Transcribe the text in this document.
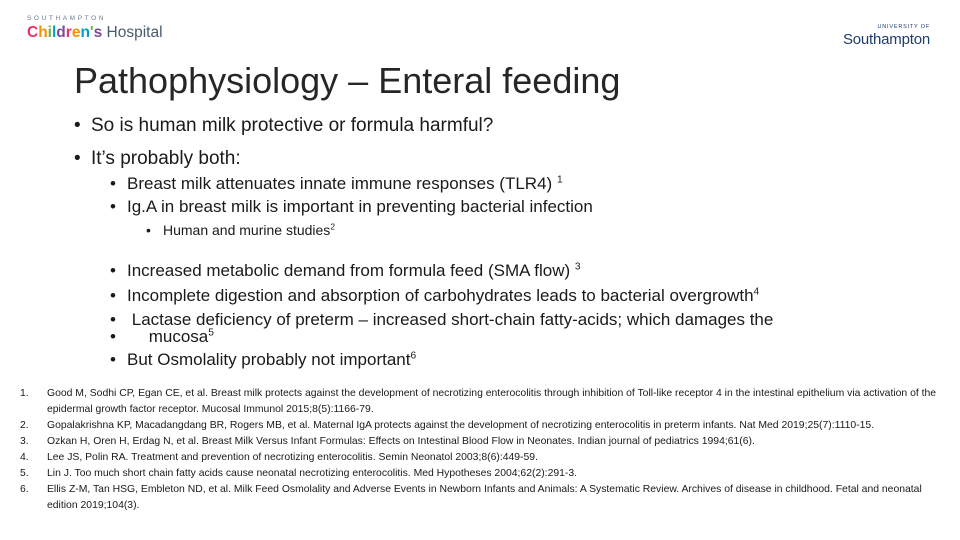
SOUTHAMPTON
Children's Hospital	UNIVERSITY OF
Southampton
Pathophysiology – Enteral feeding
• So is human milk protective or formula harmful?
• It’s probably both:
• Breast milk attenuates innate immune responses (TLR4) $^1$
• Ig.A in breast milk is important in preventing bacterial infection
• Human and murine studies$^2$
• Increased metabolic demand from formula feed (SMA flow) $^3$
• Incomplete digestion and absorption of carbohydrates leads to bacterial overgrowth$^4$
• Lactase deficiency of preterm – increased short-chain fatty-acids; which damages the
• mucosa$^5$
• But Osmolality probably not important$^6$
1.	Good M, Sodhi CP, Egan CE, et al. Breast milk protects against the development of necrotizing enterocolitis through inhibition of Toll-like receptor 4 in the intestinal epithelium via activation of the epidermal growth factor receptor. Mucosal Immunol 2015;8(5):1166-79.
2.	Gopalakrishna KP, Macadangdang BR, Rogers MB, et al. Maternal IgA protects against the development of necrotizing enterocolitis in preterm infants. Nat Med 2019;25(7):1110-15.
3.	Ozkan H, Oren H, Erdag N, et al. Breast Milk Versus Infant Formulas: Effects on Intestinal Blood Flow in Neonates. Indian journal of pediatrics 1994;61(6).
4.	Lee JS, Polin RA. Treatment and prevention of necrotizing enterocolitis. Semin Neonatol 2003;8(6):449-59.
5.	Lin J. Too much short chain fatty acids cause neonatal necrotizing enterocolitis. Med Hypotheses 2004;62(2):291-3.
6.	Ellis Z-M, Tan HSG, Embleton ND, et al. Milk Feed Osmolality and Adverse Events in Newborn Infants and Animals: A Systematic Review. Archives of disease in childhood. Fetal and neonatal edition 2019;104(3).
